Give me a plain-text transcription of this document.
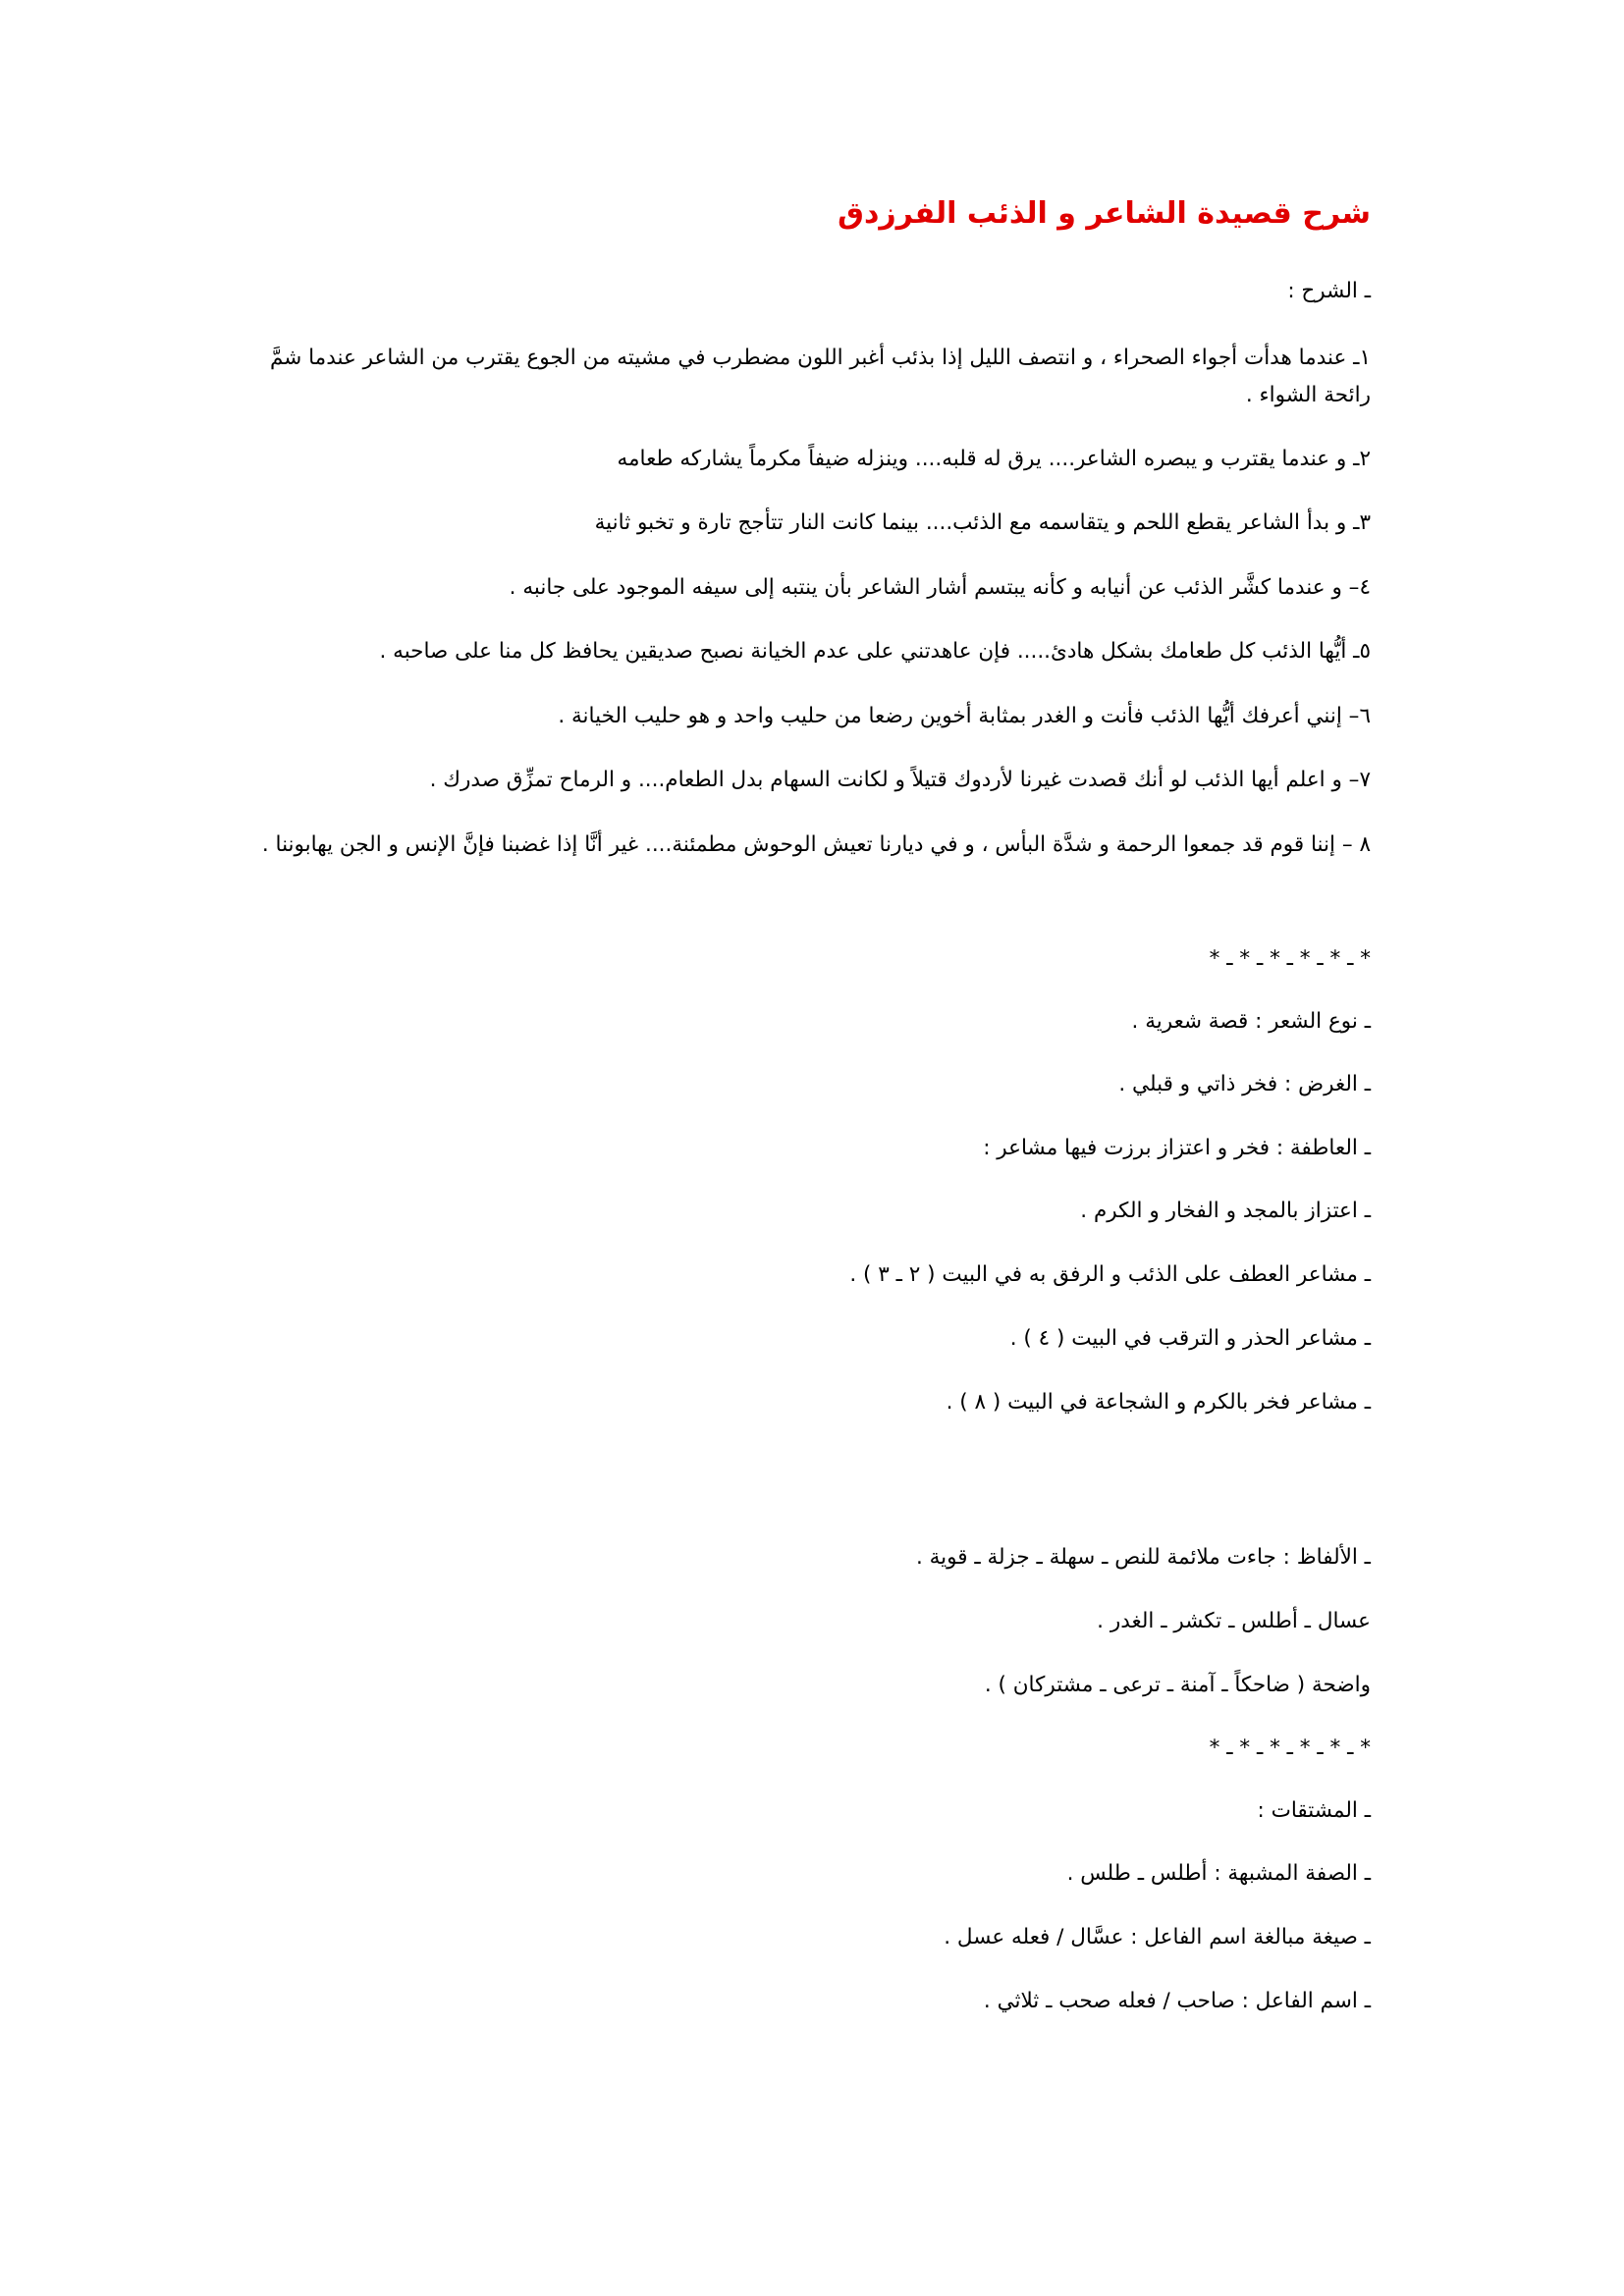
شرح قصيدة الشاعر و الذئب الفرزدق
ـ الشرح :
١ـ عندما هدأت أجواء الصحراء ، و انتصف الليل إذا بذئب أغبر اللون مضطرب في مشيته من الجوع يقترب من الشاعر عندما شمَّ رائحة الشواء .
٢ـ و عندما يقترب و يبصره الشاعر.... يرق له قلبه.... وينزله ضيفاً مكرماً يشاركه طعامه
٣ـ و بدأ الشاعر يقطع اللحم و يتقاسمه مع الذئب.... بينما كانت النار تتأجج تارة و تخبو ثانية
٤– و عندما كشَّر الذئب عن أنيابه و كأنه يبتسم أشار الشاعر بأن ينتبه إلى سيفه الموجود على جانبه .
٥ـ أيُّها الذئب كل طعامك بشكل هادئ..... فإن عاهدتني على عدم الخيانة نصبح صديقين يحافظ كل منا على صاحبه .
٦– إنني أعرفك أيُّها الذئب فأنت و الغدر بمثابة أخوين رضعا من حليب واحد و هو حليب الخيانة .
٧– و اعلم أيها الذئب لو أنك قصدت غيرنا لأردوك قتيلاً و لكانت السهام بدل الطعام.... و الرماح تمزِّق صدرك .
٨ – إننا قوم قد جمعوا الرحمة و شدَّة البأس ، و في ديارنا تعيش الوحوش مطمئنة.... غير أنَّا إذا غضبنا فإنَّ الإنس و الجن يهابوننا .
* ـ * ـ * ـ * ـ * ـ *
ـ نوع الشعر : قصة شعرية .
ـ الغرض : فخر ذاتي و قبلي .
ـ العاطفة : فخر و اعتزاز برزت فيها مشاعر :
ـ اعتزاز بالمجد و الفخار و الكرم .
ـ مشاعر العطف على الذئب و الرفق به في البيت ( ٢ ـ ٣ ) .
ـ مشاعر الحذر و الترقب في البيت ( ٤ ) .
ـ مشاعر فخر بالكرم و الشجاعة في البيت ( ٨ ) .
ـ الألفاظ : جاءت ملائمة للنص ـ سهلة ـ جزلة ـ قوية .
عسال ـ أطلس ـ تكشر ـ الغدر .
واضحة ( ضاحكاً ـ آمنة ـ ترعى ـ مشتركان ) .
* ـ * ـ * ـ * ـ * ـ *
ـ المشتقات :
ـ الصفة المشبهة : أطلس ـ طلس .
ـ صيغة مبالغة اسم الفاعل : عسَّال / فعله عسل .
ـ اسم الفاعل : صاحب / فعله صحب ـ ثلاثي .
